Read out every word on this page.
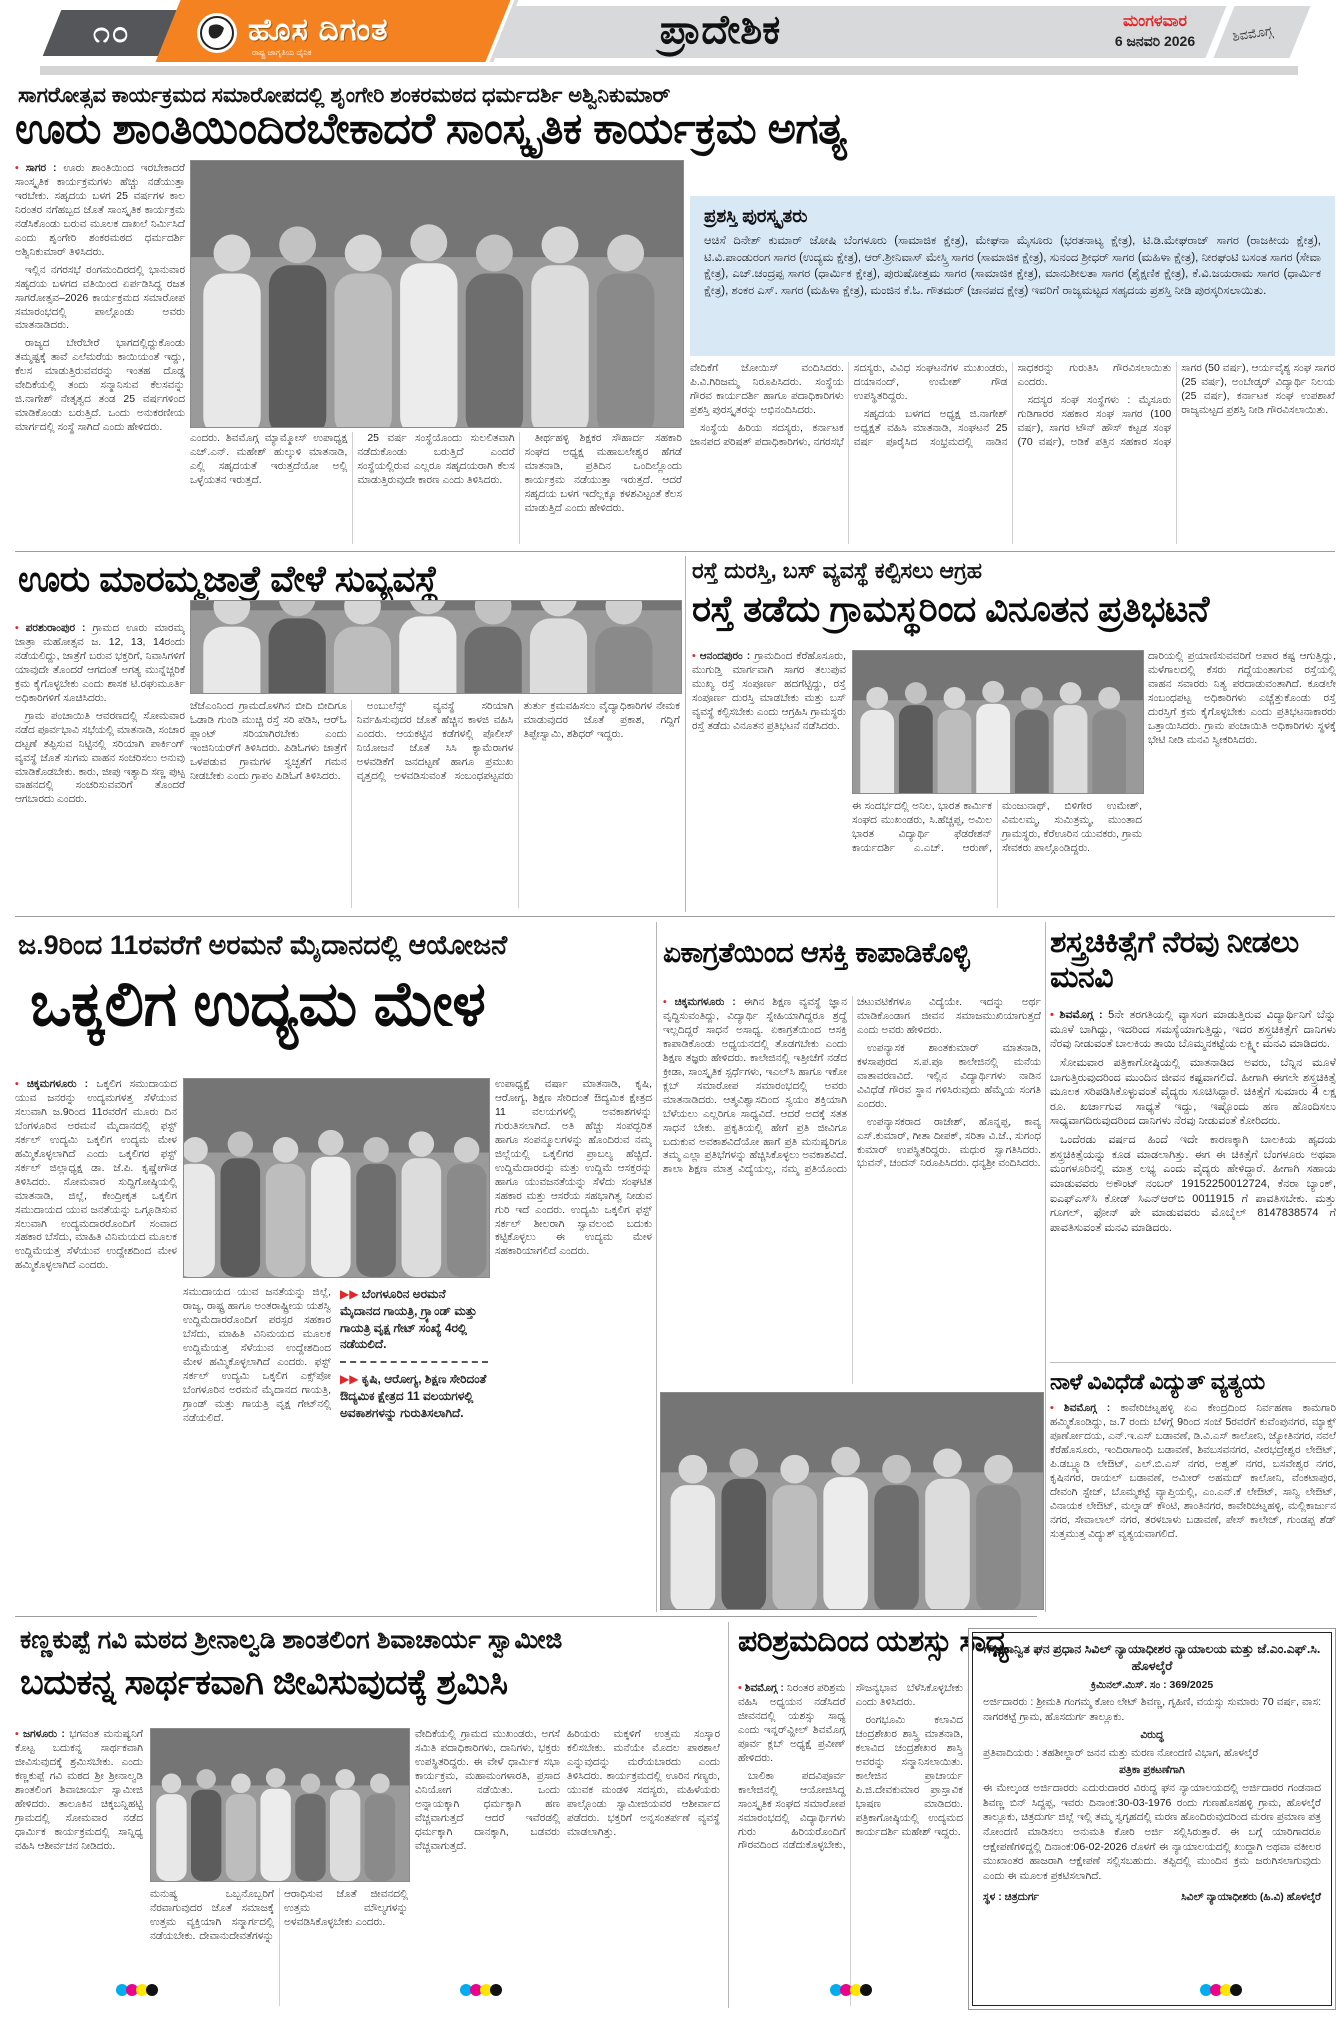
೧೦	ಹೊಸ ದಿಗಂತ
ರಾಷ್ಟ್ರ ಜಾಗೃತಿಯ ದೈನಿಕ
ಪ್ರಾದೇಶಿಕ	ಮಂಗಳವಾರ
6 ಜನವರಿ 2026	ಶಿವಮೊಗ್ಗ
ಸಾಗರೋತ್ಸವ ಕಾರ್ಯಕ್ರಮದ ಸಮಾರೋಪದಲ್ಲಿ ಶೃಂಗೇರಿ ಶಂಕರಮಠದ ಧರ್ಮದರ್ಶಿ ಅಶ್ವಿನಿಕುಮಾರ್
ಊರು ಶಾಂತಿಯಿಂದಿರಬೇಕಾದರೆ ಸಾಂಸ್ಕೃತಿಕ ಕಾರ್ಯಕ್ರಮ ಅಗತ್ಯ

• ಸಾಗರ : ಊರು ಶಾಂತಿಯಿಂದ ಇರಬೇಕಾದರೆ ಸಾಂಸ್ಕೃತಿಕ ಕಾರ್ಯಕ್ರಮಗಳು ಹೆಚ್ಚು ನಡೆಯುತ್ತಾ ಇರಬೇಕು. ಸಹೃದಯ ಬಳಗ 25 ವರ್ಷಗಳ ಕಾಲ ನಿರಂತರ ನಗೆಹಬ್ಬದ ಜೊತೆ ಸಾಂಸ್ಕೃತಿಕ ಕಾರ್ಯಕ್ರಮ ನಡೆಸಿಕೊಂಡು ಬರುವ ಮೂಲಕ ದಾಖಲೆ ನಿರ್ಮಿಸಿದೆ ಎಂದು ಶೃಂಗೇರಿ ಶಂಕರಮಠದ ಧರ್ಮದರ್ಶಿ ಅಶ್ವಿನಿಕುಮಾರ್ ತಿಳಿಸಿದರು.

ಇಲ್ಲಿನ ನಗರಸಭೆ ರಂಗಮಂದಿರದಲ್ಲಿ ಭಾನುವಾರ ಸಹೃದಯ ಬಳಗದ ವತಿಯಿಂದ ಏರ್ಪಡಿಸಿದ್ದ ರಜತ ಸಾಗರೋತ್ಸವ–2026 ಕಾರ್ಯಕ್ರಮದ ಸಮಾರೋಪ ಸಮಾರಂಭದಲ್ಲಿ ಪಾಲ್ಗೊಂಡು ಅವರು ಮಾತನಾಡಿದರು.

ರಾಜ್ಯದ ಬೇರೆಬೇರೆ ಭಾಗದಲ್ಲಿದ್ದುಕೊಂಡು ತಮ್ಮಷ್ಟಕ್ಕೆ ತಾವೆ ಎಲೆಮರೆಯ ಕಾಯಿಯಂತೆ ಇದ್ದು, ಕೆಲಸ ಮಾಡುತ್ತಿರುವವರನ್ನು ಇಂತಹ ದೊಡ್ಡ ವೇದಿಕೆಯಲ್ಲಿ ತಂದು ಸನ್ಮಾನಿಸುವ ಕೆಲಸವನ್ನು ಜಿ.ನಾಗೇಶ್ ನೇತೃತ್ವದ ತಂಡ 25 ವರ್ಷಗಳಿಂದ ಮಾಡಿಕೊಂಡು ಬರುತ್ತಿದೆ. ಒಂದು ಅನುಕರಣೀಯ ಮಾರ್ಗದಲ್ಲಿ ಸಂಸ್ಥೆ ಸಾಗಿದೆ ಎಂದು ಹೇಳಿದರು.

ಎಂದರು. ಶಿವಮೊಗ್ಗ ಮ್ಯಾಮ್ಮೋಸ್ ಉಪಾಧ್ಯಕ್ಷ ಎಚ್.ಎನ್. ಮಹೇಶ್ ಹುಲ್ಕುಳಿ ಮಾತನಾಡಿ, ಎಲ್ಲಿ ಸಹೃದಯತೆ ಇರುತ್ತದೆಯೋ ಅಲ್ಲಿ ಒಳ್ಳೆಯತನ ಇರುತ್ತದೆ.

25 ವರ್ಷ ಸಂಸ್ಥೆಯೊಂದು ಸುಲಲಿತವಾಗಿ ನಡೆದುಕೊಂಡು ಬರುತ್ತಿದೆ ಎಂದರೆ ಸಂಸ್ಥೆಯಲ್ಲಿರುವ ಎಲ್ಲರೂ ಸಹೃದಯರಾಗಿ ಕೆಲಸ ಮಾಡುತ್ತಿರುವುದೇ ಕಾರಣ ಎಂದು ತಿಳಿಸಿದರು.

ತೀರ್ಥಹಳ್ಳಿ ಶಿಕ್ಷಕರ ಸೌಹಾರ್ದ ಸಹಕಾರಿ ಸಂಘದ ಅಧ್ಯಕ್ಷ ಮಹಾಬಲೇಶ್ವರ ಹೆಗಡೆ ಮಾತನಾಡಿ, ಪ್ರತಿದಿನ ಒಂದಿಲ್ಲೊಂದು ಕಾರ್ಯಕ್ರಮ ನಡೆಯುತ್ತಾ ಇರುತ್ತದೆ. ಆದರೆ ಸಹೃದಯ ಬಳಗ ಇದೆಲ್ಲಕ್ಕೂ ಕಳಶವಿಟ್ಟಂತೆ ಕೆಲಸ ಮಾಡುತ್ತಿದೆ ಎಂದು ಹೇಳಿದರು.

ಪ್ರಶಸ್ತಿ ಪುರಸ್ಕೃತರು
ಆಚಿಸೆ ದಿನೇಶ್ ಕುಮಾರ್ ಜೋಷಿ ಬೆಂಗಳೂರು (ಸಾಮಾಜಿಕ ಕ್ಷೇತ್ರ), ಮೇಘನಾ ಮೈಸೂರು (ಭರತನಾಟ್ಯ ಕ್ಷೇತ್ರ), ಟಿ.ಡಿ.ಮೇಘರಾಜ್ ಸಾಗರ (ರಾಜಕೀಯ ಕ್ಷೇತ್ರ), ಟಿ.ವಿ.ಪಾಂಡುರಂಗ ಸಾಗರ (ಉದ್ಯಮ ಕ್ಷೇತ್ರ), ಆರ್.ಶ್ರೀನಿವಾಸ್ ಮೇಸ್ತ್ರಿ ಸಾಗರ (ಸಾಮಾಜಿಕ ಕ್ಷೇತ್ರ), ಸುನಂದ ಶ್ರೀಧರ್ ಸಾಗರ (ಮಹಿಳಾ ಕ್ಷೇತ್ರ), ನೀರಘಂಟಿ ಬಸಂತ ಸಾಗರ (ಸೇವಾ ಕ್ಷೇತ್ರ), ಎಚ್.ಚಂದ್ರಪ್ಪ ಸಾಗರ (ಧಾರ್ಮಿಕ ಕ್ಷೇತ್ರ), ಪುರುಷೋತ್ತಮ ಸಾಗರ (ಸಾಮಾಜಿಕ ಕ್ಷೇತ್ರ), ಮಾನುಶೀಲತಾ ಸಾಗರ (ಶೈಕ್ಷಣಿಕ ಕ್ಷೇತ್ರ), ಕೆ.ವಿ.ಜಯರಾಮ ಸಾಗರ (ಧಾರ್ಮಿಕ ಕ್ಷೇತ್ರ), ಶಂಕರ ಎಸ್. ಸಾಗರ (ಮಹಿಳಾ ಕ್ಷೇತ್ರ), ಮಂಜಿನ ಕೆ.ಓ. ಗೌತಮರ್ (ಜಾನಪದ ಕ್ಷೇತ್ರ) ಇವರಿಗೆ ರಾಜ್ಯಮಟ್ಟದ ಸಹೃದಯ ಪ್ರಶಸ್ತಿ ನೀಡಿ ಪುರಸ್ಕರಿಸಲಾಯಿತು.

ವೇದಿಕೆಗೆ ಜೋಯಿಸ್ ವಂದಿಸಿದರು. ಪಿ.ವಿ.ಗಿರಿಜಮ್ಮ ನಿರೂಪಿಸಿದರು. ಸಂಸ್ಥೆಯ ಗೌರವ ಕಾರ್ಯದರ್ಶಿ ಹಾಗೂ ಪದಾಧಿಕಾರಿಗಳು ಪ್ರಶಸ್ತಿ ಪುರಸ್ಕೃತರನ್ನು ಅಭಿನಂದಿಸಿದರು.

ಸಂಸ್ಥೆಯ ಹಿರಿಯ ಸದಸ್ಯರು, ಕರ್ನಾಟಕ ಜಾನಪದ ಪರಿಷತ್ ಪದಾಧಿಕಾರಿಗಳು, ನಗರಸಭೆ ಸದಸ್ಯರು, ವಿವಿಧ ಸಂಘಟನೆಗಳ ಮುಖಂಡರು, ದಯಾನಂದ್, ಉಮೇಶ್ ಗೌಡ ಉಪಸ್ಥಿತರಿದ್ದರು.

ಸಹೃದಯ ಬಳಗದ ಅಧ್ಯಕ್ಷ ಜಿ.ನಾಗೇಶ್ ಅಧ್ಯಕ್ಷತೆ ವಹಿಸಿ ಮಾತನಾಡಿ, ಸಂಘಟನೆ 25 ವರ್ಷ ಪೂರೈಸಿದ ಸಂಭ್ರಮದಲ್ಲಿ ನಾಡಿನ ಸಾಧಕರನ್ನು ಗುರುತಿಸಿ ಗೌರವಿಸಲಾಯಿತು ಎಂದರು.

ಸದಸ್ಯರ ಸಂಘ ಸಂಸ್ಥೆಗಳು : ಮೈಸೂರು ಗುಡಿಗಾರರ ಸಹಕಾರ ಸಂಘ ಸಾಗರ (100 ವರ್ಷ), ಸಾಗರ ಟೌನ್ ಹೌಸ್ ಕಟ್ಟಡ ಸಂಘ (70 ವರ್ಷ), ಅಡಿಕೆ ಪತ್ತಿನ ಸಹಕಾರ ಸಂಘ ಸಾಗರ (50 ವರ್ಷ), ಆರ್ಯವೈಶ್ಯ ಸಂಘ ಸಾಗರ (25 ವರ್ಷ), ಅಂಬೇಡ್ಕರ್ ವಿದ್ಯಾರ್ಥಿ ನಿಲಯ (25 ವರ್ಷ), ಕರ್ನಾಟಕ ಸಂಘ ಉಪಶಾಖೆ ರಾಜ್ಯಮಟ್ಟದ ಪ್ರಶಸ್ತಿ ನೀಡಿ ಗೌರವಿಸಲಾಯಿತು.

ಊರು ಮಾರಮ್ಮಜಾತ್ರೆ ವೇಳೆ ಸುವ್ಯವಸ್ಥೆ

• ಪರಶುರಾಂಪುರ : ಗ್ರಾಮದ ಊರು ಮಾರಮ್ಮ ಜಾತ್ರಾ ಮಹೋತ್ಸವ ಜ. 12, 13, 14ರಂದು ನಡೆಯಲಿದ್ದು, ಜಾತ್ರೆಗೆ ಬರುವ ಭಕ್ತರಿಗೆ, ನಿವಾಸಿಗಳಿಗೆ ಯಾವುದೇ ತೊಂದರೆ ಆಗದಂತೆ ಅಗತ್ಯ ಮುನ್ನೆಚ್ಚರಿಕೆ ಕ್ರಮ ಕೈಗೊಳ್ಳಬೇಕು ಎಂದು ಶಾಸಕ ಟಿ.ರಘುಮೂರ್ತಿ ಅಧಿಕಾರಿಗಳಿಗೆ ಸೂಚಿಸಿದರು.

ಗ್ರಾಮ ಪಂಚಾಯಿತಿ ಆವರಣದಲ್ಲಿ ಸೋಮವಾರ ನಡೆದ ಪೂರ್ವಭಾವಿ ಸಭೆಯಲ್ಲಿ ಮಾತನಾಡಿ, ಸಂಚಾರ ದಟ್ಟಣೆ ತಪ್ಪಿಸುವ ನಿಟ್ಟಿನಲ್ಲಿ ಸರಿಯಾಗಿ ಪಾರ್ಕಿಂಗ್ ವ್ಯವಸ್ಥೆ ಜೊತೆ ಸುಗಮ ವಾಹನ ಸಂಚರಿಸಲು ಅನುವು ಮಾಡಿಕೊಡಬೇಕು. ಕಾರು, ಜೀಪು ಇತ್ಯಾದಿ ಸಣ್ಣ ಪುಟ್ಟ ವಾಹನದಲ್ಲಿ ಸಂಚರಿಸುವವರಿಗೆ ತೊಂದರೆ ಆಗಬಾರದು ಎಂದರು.

ಜೆಜೆಎಂನಿಂದ ಗ್ರಾಮದೊಳಗಿನ ಬೀದಿ ಬೀದಿಗೂ ಓಡಾಡಿ ಗುಂಡಿ ಮುಚ್ಚಿ ರಸ್ತೆ ಸರಿ ಪಡಿಸಿ, ಆರ್‌ಓ ಪ್ಲಾಂಟ್ ಸರಿಯಾಗಿರಬೇಕು ಎಂದು ಇಂಜಿನಿಯರ್‌ಗೆ ತಿಳಿಸಿದರು. ಪಿಡಿಓಗಳು ಜಾತ್ರೆಗೆ ಒಳಪಡುವ ಗ್ರಾಮಗಳ ಸ್ವಚ್ಛತೆಗೆ ಗಮನ ನೀಡಬೇಕು ಎಂದು ಗ್ರಾಪಂ ಪಿಡಿಓಗೆ ತಿಳಿಸಿದರು.

ಅಂಬುಲೆನ್ಸ್ ವ್ಯವಸ್ಥೆ ಸರಿಯಾಗಿ ನಿರ್ವಹಿಸುವುದರ ಜೊತೆ ಹೆಚ್ಚಿನ ಕಾಳಜಿ ವಹಿಸಿ ಎಂದರು. ಆಯಕಟ್ಟಿನ ಕಡೆಗಳಲ್ಲಿ ಪೊಲೀಸ್ ನಿಯೋಜನೆ ಜೊತೆ ಸಿಸಿ ಕ್ಯಾಮೆರಾಗಳ ಅಳವಡಿಕೆಗೆ ಜನದಟ್ಟಣೆ ಹಾಗೂ ಪ್ರಮುಖ ವೃತ್ತದಲ್ಲಿ ಅಳವಡಿಸುವಂತೆ ಸಂಬಂಧಪಟ್ಟವರು ತುರ್ತು ಕ್ರಮವಹಿಸಲು ವೈದ್ಯಾಧಿಕಾರಿಗಳ ನೇಮಕ ಮಾಡುವುದರ ಜೊತೆ ಪ್ರಕಾಶ, ಗದ್ದಿಗೆ ತಿಪ್ಪೇಸ್ವಾಮಿ, ಶಶಿಧರ್ ಇದ್ದರು.

ರಸ್ತೆ ದುರಸ್ತಿ, ಬಸ್ ವ್ಯವಸ್ಥೆ ಕಲ್ಪಿಸಲು ಆಗ್ರಹ
ರಸ್ತೆ ತಡೆದು ಗ್ರಾಮಸ್ಥರಿಂದ ವಿನೂತನ ಪ್ರತಿಭಟನೆ

• ಆನಂದಪುರಂ : ಗ್ರಾಮದಿಂದ ಕೆರೆಹೊಸೂರು, ಮುಗುಡ್ತಿ ಮಾರ್ಗವಾಗಿ ಸಾಗರ ತಲುಪುವ ಮುಖ್ಯ ರಸ್ತೆ ಸಂಪೂರ್ಣ ಹದಗೆಟ್ಟಿದ್ದು, ರಸ್ತೆ ಸಂಪೂರ್ಣ ದುರಸ್ತಿ ಮಾಡಬೇಕು ಮತ್ತು ಬಸ್ ವ್ಯವಸ್ಥೆ ಕಲ್ಪಿಸಬೇಕು ಎಂದು ಆಗ್ರಹಿಸಿ ಗ್ರಾಮಸ್ಥರು ರಸ್ತೆ ತಡೆದು ವಿನೂತನ ಪ್ರತಿಭಟನೆ ನಡೆಸಿದರು.

ಈ ಸಂದರ್ಭದಲ್ಲಿ ಅನಿಲ, ಭಾರತ ಕಾರ್ಮಿಕ ಸಂಘದ ಮುಖಂಡರು, ಸಿ.ಹೆಚ್ಚಪ್ಪ, ಅಮಿಲ ಭಾರತ ವಿದ್ಯಾರ್ಥಿ ಫೆಡರೇಶನ್ ಕಾರ್ಯದರ್ಶಿ ಎ.ಎಚ್. ಆರುಣ್, ಮಂಜುನಾಥ್, ಬಿಳಿಗೇರ ಉಮೇಶ್, ವಿಮಲಮ್ಮ, ಸುಮಿತ್ರಮ್ಮ, ಮುಂತಾದ ಗ್ರಾಮಸ್ಥರು, ಕೆರೆಊರಿನ ಯುವಕರು, ಗ್ರಾಮ ಸೇವಕರು ಪಾಲ್ಗೊಂಡಿದ್ದರು.

ದಾರಿಯಲ್ಲಿ ಪ್ರಯಾಣಿಸುವವರಿಗೆ ಅಪಾರ ಕಷ್ಟ ಆಗುತ್ತಿದ್ದು, ಮಳೆಗಾಲದಲ್ಲಿ ಕೆಸರು ಗದ್ದೆಯಂತಾಗುವ ರಸ್ತೆಯಲ್ಲಿ ವಾಹನ ಸವಾರರು ನಿತ್ಯ ಪರದಾಡುವಂತಾಗಿದೆ. ಕೂಡಲೇ ಸಂಬಂಧಪಟ್ಟ ಅಧಿಕಾರಿಗಳು ಎಚ್ಚೆತ್ತುಕೊಂಡು ರಸ್ತೆ ದುರಸ್ತಿಗೆ ಕ್ರಮ ಕೈಗೊಳ್ಳಬೇಕು ಎಂದು ಪ್ರತಿಭಟನಾಕಾರರು ಒತ್ತಾಯಿಸಿದರು. ಗ್ರಾಮ ಪಂಚಾಯಿತಿ ಅಧಿಕಾರಿಗಳು ಸ್ಥಳಕ್ಕೆ ಭೇಟಿ ನೀಡಿ ಮನವಿ ಸ್ವೀಕರಿಸಿದರು.

ಜ.9ರಿಂದ 11ರವರೆಗೆ ಅರಮನೆ ಮೈದಾನದಲ್ಲಿ ಆಯೋಜನೆ
ಒಕ್ಕಲಿಗ ಉದ್ಯಮ ಮೇಳ

• ಚಿಕ್ಕಮಗಳೂರು : ಒಕ್ಕಲಿಗ ಸಮುದಾಯದ ಯುವ ಜನರನ್ನು ಉದ್ಯಮಗಳತ್ತ ಸೆಳೆಯುವ ಸಲುವಾಗಿ ಜ.9ರಿಂದ 11ರವರೆಗೆ ಮೂರು ದಿನ ಬೆಂಗಳೂರಿನ ಅರಮನೆ ಮೈದಾನದಲ್ಲಿ ಫಸ್ಟ್ ಸರ್ಕಲ್ ಉದ್ಯಮಿ ಒಕ್ಕಲಿಗ ಉದ್ಯಮ ಮೇಳ ಹಮ್ಮಿಕೊಳ್ಳಲಾಗಿದೆ ಎಂದು ಒಕ್ಕಲಿಗರ ಫಸ್ಟ್ ಸರ್ಕಲ್ ಜಿಲ್ಲಾಧ್ಯಕ್ಷ ಡಾ. ಜೆ.ಪಿ. ಕೃಷ್ಣೇಗೌಡ ತಿಳಿಸಿದರು. ಸೋಮವಾರ ಸುದ್ದಿಗೋಷ್ಠಿಯಲ್ಲಿ ಮಾತನಾಡಿ, ಜಿಲ್ಲೆ, ಕೇಂದ್ರೀಕೃತ ಒಕ್ಕಲಿಗ ಸಮುದಾಯದ ಯುವ ಜನತೆಯನ್ನು ಒಗ್ಗೂಡಿಸುವ ಸಲುವಾಗಿ ಉದ್ಯಮದಾರರೊಂದಿಗೆ ಸಂವಾದ ಸಹಕಾರ ಬೆಸೆದು, ಮಾಹಿತಿ ವಿನಿಮಯದ ಮೂಲಕ ಉದ್ದಿಮೆಯತ್ತ ಸೆಳೆಯುವ ಉದ್ದೇಶದಿಂದ ಮೇಳ ಹಮ್ಮಿಕೊಳ್ಳಲಾಗಿದೆ ಎಂದರು.

ಸಮುದಾಯದ ಯುವ ಜನತೆಯನ್ನು ಜಿಲ್ಲೆ, ರಾಜ್ಯ, ರಾಷ್ಟ್ರ ಹಾಗೂ ಅಂತರಾಷ್ಟ್ರೀಯ ಯಶಸ್ವಿ ಉದ್ದಿಮೆದಾರರೊಂದಿಗೆ ಪರಸ್ಪರ ಸಹಕಾರ ಬೆಸೆದು, ಮಾಹಿತಿ ವಿನಿಮಯದ ಮೂಲಕ ಉದ್ದಿಮೆಯತ್ತ ಸೆಳೆಯುವ ಉದ್ದೇಶದಿಂದ ಮೇಳ ಹಮ್ಮಿಕೊಳ್ಳಲಾಗಿದೆ ಎಂದರು. ಫಸ್ಟ್ ಸರ್ಕಲ್ ಉದ್ಯಮಿ ಒಕ್ಕಲಿಗ ಎಕ್ಸ್‌ಪೋ ಬೆಂಗಳೂರಿನ ಅರಮನೆ ಮೈದಾನದ ಗಾಯತ್ರಿ, ಗ್ರಾಂಡ್ ಮತ್ತು ಗಾಯತ್ರಿ ವೃಕ್ಷ ಗೇಟ್‌ನಲ್ಲಿ ನಡೆಯಲಿದೆ.

▶▶ ಬೆಂಗಳೂರಿನ ಅರಮನೆ ಮೈದಾನದ ಗಾಯತ್ರಿ, ಗ್ರ್ಯಾಂಡ್ ಮತ್ತು ಗಾಯತ್ರಿ ವೃಕ್ಷ ಗೇಟ್ ಸಂಖ್ಯೆ 4ರಲ್ಲಿ ನಡೆಯಲಿದೆ.
▶▶ ಕೃಷಿ, ಆರೋಗ್ಯ, ಶಿಕ್ಷಣ ಸೇರಿದಂತೆ ಔದ್ಯಮಿಕ ಕ್ಷೇತ್ರದ 11 ವಲಯಗಳಲ್ಲಿ ಅವಕಾಶಗಳನ್ನು ಗುರುತಿಸಲಾಗಿದೆ.

ಉಪಾಧ್ಯಕ್ಷೆ ವರ್ಷಾ ಮಾತನಾಡಿ, ಕೃಷಿ, ಆರೋಗ್ಯ, ಶಿಕ್ಷಣ ಸೇರಿದಂತೆ ಔದ್ಯಮಿಕ ಕ್ಷೇತ್ರದ 11 ವಲಯಗಳಲ್ಲಿ ಅವಕಾಶಗಳನ್ನು ಗುರುತಿಸಲಾಗಿದೆ. ಅತಿ ಹೆಚ್ಚು ಸಂಪದ್ಭರಿತ ಹಾಗೂ ಸಂಪನ್ಮೂಲಗಳನ್ನು ಹೊಂದಿರುವ ನಮ್ಮ ಜಿಲ್ಲೆಯಲ್ಲಿ ಒಕ್ಕಲಿಗರ ಪ್ರಾಬಲ್ಯ ಹೆಚ್ಚಿದೆ. ಉದ್ದಿಮೆದಾರರನ್ನು ಮತ್ತು ಉದ್ದಿಮೆ ಆಸಕ್ತರನ್ನು ಹಾಗೂ ಯುವಜನತೆಯನ್ನು ಸೆಳೆದು ಸಂಘಟಿತ ಸಹಕಾರ ಮತ್ತು ಆಸರೆಯ ಸಹಭಾಗಿತ್ವ ನೀಡುವ ಗುರಿ ಇದೆ ಎಂದರು. ಉದ್ಯಮಿ ಒಕ್ಕಲಿಗ ಫಸ್ಟ್ ಸರ್ಕಲ್ ಶೀಲರಾಗಿ ಸ್ವಾವಲಂಬಿ ಬದುಕು ಕಟ್ಟಿಕೊಳ್ಳಲು ಈ ಉದ್ಯಮ ಮೇಳ ಸಹಕಾರಿಯಾಗಲಿದೆ ಎಂದರು.

ಏಕಾಗ್ರತೆಯಿಂದ ಆಸಕ್ತಿ ಕಾಪಾಡಿಕೊಳ್ಳಿ

• ಚಿಕ್ಕಮಗಳೂರು : ಈಗಿನ ಶಿಕ್ಷಣ ವ್ಯವಸ್ಥೆ ಜ್ಞಾನ ವೃದ್ಧಿಸುವಂತಿದ್ದು, ವಿದ್ಯಾರ್ಥಿ ಸ್ನೇಹಿಯಾಗಿದ್ದರೂ ಶ್ರದ್ಧೆ ಇಲ್ಲದಿದ್ದರೆ ಸಾಧನೆ ಅಸಾಧ್ಯ. ಏಕಾಗ್ರತೆಯಿಂದ ಆಸಕ್ತಿ ಕಾಪಾಡಿಕೊಂಡು ಅಧ್ಯಯನದಲ್ಲಿ ತೊಡಗಬೇಕು ಎಂದು ಶಿಕ್ಷಣ ತಜ್ಞರು ಹೇಳಿದರು. ಕಾಲೇಜಿನಲ್ಲಿ ಇತ್ತೀಚೆಗೆ ನಡೆದ ಕ್ರೀಡಾ, ಸಾಂಸ್ಕೃತಿಕ ಸ್ಪರ್ಧೆಗಳು, ಇಎಲ್‌ಸಿ ಹಾಗೂ ಇಕೋ ಕ್ಲಬ್ ಸಮಾರೋಪ ಸಮಾರಂಭದಲ್ಲಿ ಅವರು ಮಾತನಾಡಿದರು. ಆತ್ಮವಿಶ್ವಾಸದಿಂದ ಸ್ವಯಂ ಶಕ್ತಿಯಾಗಿ ಬೆಳೆಯಲು ಎಲ್ಲರಿಗೂ ಸಾಧ್ಯವಿದೆ. ಆದರೆ ಅದಕ್ಕೆ ಸತತ ಸಾಧನೆ ಬೇಕು. ಪ್ರಕೃತಿಯಲ್ಲಿ ಹೇಗೆ ಪ್ರತಿ ಜೀವಿಗೂ ಬದುಕುವ ಅವಕಾಶವಿದೆಯೋ ಹಾಗೆ ಪ್ರತಿ ಮನುಷ್ಯರಿಗೂ ತಮ್ಮ ಎಲ್ಲಾ ಪ್ರತಿಭೆಗಳನ್ನು ಹೆಚ್ಚಿಸಿಕೊಳ್ಳಲು ಅವಕಾಶವಿದೆ. ಶಾಲಾ ಶಿಕ್ಷಣ ಮಾತ್ರ ವಿದ್ಯೆಯಲ್ಲ, ನಮ್ಮ ಪ್ರತಿಯೊಂದು ಚಟುವಟಿಕೆಗಳೂ ವಿದ್ಯೆಯೇ. ಇದನ್ನು ಅರ್ಥ ಮಾಡಿಕೊಂಡಾಗ ಜೀವನ ಸಮಾಜಮುಖಿಯಾಗುತ್ತದೆ ಎಂದು ಅವರು ಹೇಳಿದರು.

ಉಪನ್ಯಾಸಕ ಶಾಂತಕುಮಾರ್ ಮಾತನಾಡಿ, ಕಳಸಾಪುರದ ಸ.ಪ.ಪೂ ಕಾಲೇಜಿನಲ್ಲಿ ಮನೆಯ ವಾತಾವರಣವಿದೆ. ಇಲ್ಲಿನ ವಿದ್ಯಾರ್ಥಿಗಳು ನಾಡಿನ ವಿವಿಧೆಡೆ ಗೌರವ ಸ್ಥಾನ ಗಳಿಸಿರುವುದು ಹೆಮ್ಮೆಯ ಸಂಗತಿ ಎಂದರು.

ಉಪನ್ಯಾಸಕರಾದ ರಾಜೇಶ್, ಹೊನ್ನಪ್ಪ, ಕಾವ್ಯ ಎಸ್.ಕುಮಾರ್, ಗೀತಾ ದೀಪಕ್, ಸರಿತಾ ವಿ.ಜೆ., ಸುಗಂಧ ಕುಮಾರ್ ಉಪಸ್ಥಿತರಿದ್ದರು. ಮಧುರ ಸ್ವಾಗತಿಸಿದರು. ಭುವನ್, ಚಂದನ್ ನಿರೂಪಿಸಿದರು. ಧನ್ಯಶ್ರೀ ವಂದಿಸಿದರು.

ಶಸ್ತ್ರಚಿಕಿತ್ಸೆಗೆ ನೆರವು ನೀಡಲು ಮನವಿ

• ಶಿವಮೊಗ್ಗ : 5ನೇ ತರಗತಿಯಲ್ಲಿ ವ್ಯಾಸಂಗ ಮಾಡುತ್ತಿರುವ ವಿದ್ಯಾರ್ಥಿನಿಗೆ ಬೆನ್ನು ಮೂಳೆ ಬಾಗಿದ್ದು, ಇದರಿಂದ ಸಮಸ್ಯೆಯಾಗುತ್ತಿದ್ದು, ಇದರ ಶಸ್ತ್ರಚಿಕಿತ್ಸೆಗೆ ದಾನಿಗಳು ನೆರವು ನೀಡುವಂತೆ ಬಾಲಕಿಯ ತಾಯಿ ಬೊಮ್ಮನಕಟ್ಟೆಯ ಲಕ್ಷ್ಮೀ ಮನವಿ ಮಾಡಿದರು.

ಸೋಮವಾರ ಪತ್ರಿಕಾಗೋಷ್ಠಿಯಲ್ಲಿ ಮಾತನಾಡಿದ ಅವರು, ಬೆನ್ನಿನ ಮೂಳೆ ಬಾಗುತ್ತಿರುವುದರಿಂದ ಮುಂದಿನ ಜೀವನ ಕಷ್ಟವಾಗಲಿದೆ. ಹೀಗಾಗಿ ಈಗಲೇ ಶಸ್ತ್ರಚಿಕಿತ್ಸೆ ಮೂಲಕ ಸರಿಪಡಿಸಿಕೊಳ್ಳುವಂತೆ ವೈದ್ಯರು ಸೂಚಿಸಿದ್ದಾರೆ. ಚಿಕಿತ್ಸೆಗೆ ಸುಮಾರು 4 ಲಕ್ಷ ರೂ. ಖರ್ಚಾಗುವ ಸಾಧ್ಯತೆ ಇದ್ದು, ಇಷ್ಟೊಂದು ಹಣ ಹೊಂದಿಸಲು ಸಾಧ್ಯವಾಗದಿರುವುದರಿಂದ ದಾನಿಗಳು ನೆರವು ನೀಡುವಂತೆ ಕೋರಿದರು.

ಒಂದೆರಡು ವರ್ಷದ ಹಿಂದೆ ಇದೇ ಕಾರಣಕ್ಕಾಗಿ ಬಾಲಕಿಯ ಹೃದಯ ಶಸ್ತ್ರಚಿಕಿತ್ಸೆಯನ್ನು ಕೂಡ ಮಾಡಲಾಗಿತ್ತು. ಈಗ ಈ ಚಿಕಿತ್ಸೆಗೆ ಬೆಂಗಳೂರು ಅಥವಾ ಮಂಗಳೂರಿನಲ್ಲಿ ಮಾತ್ರ ಲಭ್ಯ ಎಂದು ವೈದ್ಯರು ಹೇಳಿದ್ದಾರೆ. ಹೀಗಾಗಿ ಸಹಾಯ ಮಾಡುವವರು ಅಕೌಂಟ್ ನಂಬರ್ 19152250012724, ಕೆನರಾ ಬ್ಯಾಂಕ್, ಐಎಫ್‌ಎಸ್‌ಸಿ ಕೋಡ್ ಸಿಎನ್‌ಆರ್‌ಬಿ 0011915 ಗೆ ಪಾವತಿಸಬೇಕು. ಮತ್ತು ಗೂಗಲ್, ಫೋನ್ ಪೇ ಮಾಡುವವರು ಮೊಬೈಲ್ 8147838574 ಗೆ ಪಾವತಿಸುವಂತೆ ಮನವಿ ಮಾಡಿದರು.

ನಾಳೆ ವಿವಿಧೆಡೆ ವಿದ್ಯುತ್ ವ್ಯತ್ಯಯ

• ಶಿವಮೊಗ್ಗ : ಕಾವೇರಿಚಟ್ನಹಳ್ಳಿ ಏಎ ಕೇಂದ್ರದಿಂದ ನಿರ್ವಹಣಾ ಕಾಮಗಾರಿ ಹಮ್ಮಿಕೊಂಡಿದ್ದು, ಜ.7 ರಂದು ಬೆಳಗ್ಗೆ 9ರಿಂದ ಸಂಜೆ 5ರವರೆಗೆ ಕುವೆಂಪುನಗರ, ಮ್ಯಾಕ್ಸ್ ಪೂರ್ಣೋದಯ, ಎನ್.ಇ.ಎಸ್ ಬಡಾವಣೆ, ಡಿ.ವಿ.ಎಸ್ ಕಾಲೋನಿ, ಜ್ಯೋತಿನಗರ, ನವಲೆ ಕೆರೆಹೊಸೂರು, ಇಂದಿರಾಗಾಂಧಿ ಬಡಾವಣೆ, ಶಿವಬಸವನಗರ, ವೀರಭದ್ರೇಶ್ವರ ಲೇಔಟ್, ಪಿ.ಡಬ್ಲ್ಯೂಡಿ ಲೇಔಟ್, ಎಲ್.ಬಿ.ಎಸ್ ನಗರ, ಅಶ್ವತ್ ನಗರ, ಬಸವೇಶ್ವರ ನಗರ, ಕೃಷಿನಗರ, ರಾಯಲ್ ಬಡಾವಣೆ, ಅಮೀರ್ ಅಹಮದ್ ಕಾಲೋನಿ, ವೆಂಕಟಾಪುರ, ದೇವಂಗಿ ಸ್ಟೇಜ್, ಬೊಮ್ಮಕಟ್ಟೆ ವ್ಯಾಪ್ತಿಯಲ್ಲಿ, ಎಂ.ಎನ್.ಕೆ ಲೇಔಟ್, ಸಾನ್ವಿ ಲೇಔಟ್, ವಿನಾಯಕ ಲೇಔಟ್, ಮಲ್ನಾಡ್ ಕೌಂಟಿ, ಶಾಂತಿನಗರ, ಕಾವೇರಿಚಟ್ನಹಳ್ಳಿ, ಮಲ್ಲಿಕಾರ್ಜುನ ನಗರ, ಸೇವಾಲಾಲ್ ನಗರ, ತರಳಬಾಳು ಬಡಾವಣೆ, ಪೇಸ್ ಕಾಲೇಜ್, ಗುಂಡಪ್ಪ ಶೆಡ್ ಸುತ್ತಮುತ್ತ ವಿದ್ಯುತ್ ವ್ಯತ್ಯಯವಾಗಲಿದೆ.

ಕಣ್ಣಕುಪ್ಪೆ ಗವಿ ಮಠದ ಶ್ರೀನಾಲ್ವಡಿ ಶಾಂತಲಿಂಗ ಶಿವಾಚಾರ್ಯ ಸ್ವಾಮೀಜಿ
ಬದುಕನ್ನ ಸಾರ್ಥಕವಾಗಿ ಜೀವಿಸುವುದಕ್ಕೆ ಶ್ರಮಿಸಿ

• ಜಗಳೂರು : ಭಗವಂತ ಮನುಷ್ಯನಿಗೆ ಕೊಟ್ಟ ಬದುಕನ್ನ ಸಾರ್ಥಕವಾಗಿ ಜೀವಿಸುವುದಕ್ಕೆ ಶ್ರಮಿಸಬೇಕು. ಎಂದು ಕಣ್ಣಕುಪ್ಪೆ ಗವಿ ಮಠದ ಶ್ರೀ ಶ್ರೀನಾಲ್ವಡಿ ಶಾಂತಲಿಂಗ ಶಿವಾಚಾರ್ಯ ಸ್ವಾಮೀಜಿ ಹೇಳಿದರು. ತಾಲೂಕಿನ ಚಿಕ್ಕಬನ್ನಿಹಟ್ಟಿ ಗ್ರಾಮದಲ್ಲಿ ಸೋಮವಾರ ನಡೆದ ಧಾರ್ಮಿಕ ಕಾರ್ಯಕ್ರಮದಲ್ಲಿ ಸಾನ್ನಿಧ್ಯ ವಹಿಸಿ ಆಶೀರ್ವಚನ ನೀಡಿದರು.

ಮನುಷ್ಯ ಒಬ್ಬನೊಬ್ಬರಿಗೆ ನೆರವಾಗುವುದರ ಜೊತೆ ಸಮಾಜಕ್ಕೆ ಉತ್ತಮ ವ್ಯಕ್ತಿಯಾಗಿ ಸನ್ಮಾರ್ಗದಲ್ಲಿ ನಡೆಯಬೇಕು. ದೇವಾನುದೇವತೆಗಳನ್ನು ಆರಾಧಿಸುವ ಜೊತೆ ಜೀವನದಲ್ಲಿ ಉತ್ತಮ ಮೌಲ್ಯಗಳನ್ನು ಅಳವಡಿಸಿಕೊಳ್ಳಬೇಕು ಎಂದರು.

ವೇದಿಕೆಯಲ್ಲಿ ಗ್ರಾಮದ ಮುಖಂಡರು, ಅಗಸೆ ಸಮಿತಿ ಪದಾಧಿಕಾರಿಗಳು, ದಾನಿಗಳು, ಭಕ್ತರು ಉಪಸ್ಥಿತರಿದ್ದರು. ಈ ವೇಳೆ ಧಾರ್ಮಿಕ ಸಭಾ ಕಾರ್ಯಕ್ರಮ, ಮಹಾಮಂಗಳಾರತಿ, ಪ್ರಸಾದ ವಿನಿಯೋಗ ನಡೆಯಿತು. ಒಂದು ಅನ್ನಾಯಕ್ಕಾಗಿ ಧರ್ಮಕ್ಕಾಗಿ ಹಣ ವೆಚ್ಚವಾಗುತ್ತದೆ ಆದರೆ ಇವೆರಡಲ್ಲಿ ಧರ್ಮಕ್ಕಾಗಿ ದಾನಕ್ಕಾಗಿ, ಬಡವರು ವೆಚ್ಚವಾಗುತ್ತದೆ.

ಹಿರಿಯರು ಮಕ್ಕಳಿಗೆ ಉತ್ತಮ ಸಂಸ್ಕಾರ ಕಲಿಸಬೇಕು. ಮನೆಯೇ ಮೊದಲ ಪಾಠಶಾಲೆ ಎನ್ನುವುದನ್ನು ಮರೆಯಬಾರದು ಎಂದು ತಿಳಿಸಿದರು. ಕಾರ್ಯಕ್ರಮದಲ್ಲಿ ಊರಿನ ಗಣ್ಯರು, ಯುವಕ ಮಂಡಳಿ ಸದಸ್ಯರು, ಮಹಿಳೆಯರು ಪಾಲ್ಗೊಂಡು ಸ್ವಾಮೀಜಿಯವರ ಆಶೀರ್ವಾದ ಪಡೆದರು. ಭಕ್ತರಿಗೆ ಅನ್ನಸಂತರ್ಪಣೆ ವ್ಯವಸ್ಥೆ ಮಾಡಲಾಗಿತ್ತು.

ಪರಿಶ್ರಮದಿಂದ ಯಶಸ್ಸು ಸಾಧ್ಯ

• ಶಿವಮೊಗ್ಗ : ನಿರಂತರ ಪರಿಶ್ರಮ ವಹಿಸಿ ಅಧ್ಯಯನ ನಡೆಸಿದರೆ ಜೀವನದಲ್ಲಿ ಯಶಸ್ಸು ಸಾಧ್ಯ ಎಂದು ಇನ್ನರ್‌ವ್ಹೀಲ್ ಶಿವಮೊಗ್ಗ ಪೂರ್ವ ಕ್ಲಬ್ ಅಧ್ಯಕ್ಷೆ ಪ್ರವೀಣ್ ಹೇಳಿದರು.

ಬಾಲಿಕಾ ಪದವಿಪೂರ್ವ ಕಾಲೇಜಿನಲ್ಲಿ ಆಯೋಜಿಸಿದ್ದ ಸಾಂಸ್ಕೃತಿಕ ಸಂಘದ ಸಮಾರೋಪ ಸಮಾರಂಭದಲ್ಲಿ ವಿದ್ಯಾರ್ಥಿಗಳು ಗುರು ಹಿರಿಯರೊಂದಿಗೆ ಗೌರವದಿಂದ ನಡೆದುಕೊಳ್ಳಬೇಕು, ಸೌಜನ್ಯಭಾವ ಬೆಳೆಸಿಕೊಳ್ಳಬೇಕು ಎಂದು ತಿಳಿಸಿದರು.

ರಂಗಭೂಮಿ ಕಲಾವಿದ ಚಂದ್ರಶೇಖರ ಶಾಸ್ತ್ರಿ ಮಾತನಾಡಿ, ಕಲಾವಿದ ಚಂದ್ರಶೇಖರ ಶಾಸ್ತ್ರಿ ಅವರನ್ನು ಸನ್ಮಾನಿಸಲಾಯಿತು. ಕಾಲೇಜಿನ ಪ್ರಾಚಾರ್ಯ ಪಿ.ಜಿ.ದೇವಕುಮಾರ ಪ್ರಾಸ್ತಾವಿಕ ಭಾಷಣ ಮಾಡಿದರು. ಪತ್ರಿಕಾಗೋಷ್ಠಿಯಲ್ಲಿ ಉದ್ಯಮದ ಕಾರ್ಯದರ್ಶಿ ಮಹೇಶ್ ಇದ್ದರು.

ಗೌರವಾನ್ವಿತ ಘನ ಪ್ರಧಾನ ಸಿವಿಲ್ ನ್ಯಾಯಾಧೀಶರ ನ್ಯಾಯಾಲಯ ಮತ್ತು ಜೆ.ಎಂ.ಎಫ್.ಸಿ. ಹೊಳಲ್ಕೆರೆ
ಕ್ರಿಮಿನಲ್.ಮಿಸ್. ಸಂ : 369/2025
ಅರ್ಜಿದಾರರು : ಶ್ರೀಮತಿ ಗಂಗಮ್ಮ ಕೋಂ ಲೇಟ್ ಶಿವಣ್ಣ, ಗೃಹಿಣಿ, ವಯಸ್ಸು ಸುಮಾರು 70 ವರ್ಷ, ವಾಸ: ನಾಗರಕಟ್ಟೆ ಗ್ರಾಮ, ಹೊಸದುರ್ಗ ತಾಲ್ಲೂಕು.
ವಿರುದ್ಧ
ಪ್ರತಿವಾದಿಯರು : ತಹಶೀಲ್ದಾರ್ ಜನನ ಮತ್ತು ಮರಣ ನೋಂದಣಿ ವಿಭಾಗ, ಹೊಳಲ್ಕೆರೆ
ಪತ್ರಿಕಾ ಪ್ರಕಟಣೆಗಾಗಿ
ಈ ಮೇಲ್ಕಂಡ ಅರ್ಜಿದಾರರು ಎದುರುದಾರರ ವಿರುದ್ಧ ಘನ ನ್ಯಾಯಾಲಯದಲ್ಲಿ ಅರ್ಜಿದಾರರ ಗಂಡನಾದ ಶಿವಣ್ಣ ಬಿನ್ ಸಿದ್ದಪ್ಪ, ಇವರು ದಿನಾಂಕ:30-03-1976 ರಂದು ಗುಣಹೊಸಹಳ್ಳಿ ಗ್ರಾಮ, ಹೊಳಲ್ಕೆರೆ ತಾಲ್ಲೂಕು, ಚಿತ್ರದುರ್ಗ ಜಿಲ್ಲೆ ಇಲ್ಲಿ ತಮ್ಮ ಸ್ವಗೃಹದಲ್ಲಿ ಮರಣ ಹೊಂದಿರುವುದರಿಂದ ಮರಣ ಪ್ರಮಾಣ ಪತ್ರ ನೋಂದಣಿ ಮಾಡಿಸಲು ಅನುಮತಿ ಕೋರಿ ಅರ್ಜಿ ಸಲ್ಲಿಸಿರುತ್ತಾರೆ. ಈ ಬಗ್ಗೆ ಯಾರಿಗಾದರೂ ಆಕ್ಷೇಪಣೆಗಳಿದ್ದಲ್ಲಿ ದಿನಾಂಕ:06-02-2026 ರೊಳಗೆ ಈ ನ್ಯಾಯಾಲಯದಲ್ಲಿ ಖುದ್ದಾಗಿ ಅಥವಾ ವಕೀಲರ ಮುಖಾಂತರ ಹಾಜರಾಗಿ ಆಕ್ಷೇಪಣೆ ಸಲ್ಲಿಸಬಹುದು. ತಪ್ಪಿದಲ್ಲಿ ಮುಂದಿನ ಕ್ರಮ ಜರುಗಿಸಲಾಗುವುದು ಎಂದು ಈ ಮೂಲಕ ಪ್ರಕಟಿಸಲಾಗಿದೆ.
ಸ್ಥಳ : ಚಿತ್ರದುರ್ಗ	ಸಿವಿಲ್ ನ್ಯಾಯಾಧೀಶರು (ಹಿ.ವಿ) ಹೊಳಲ್ಕೆರೆ
